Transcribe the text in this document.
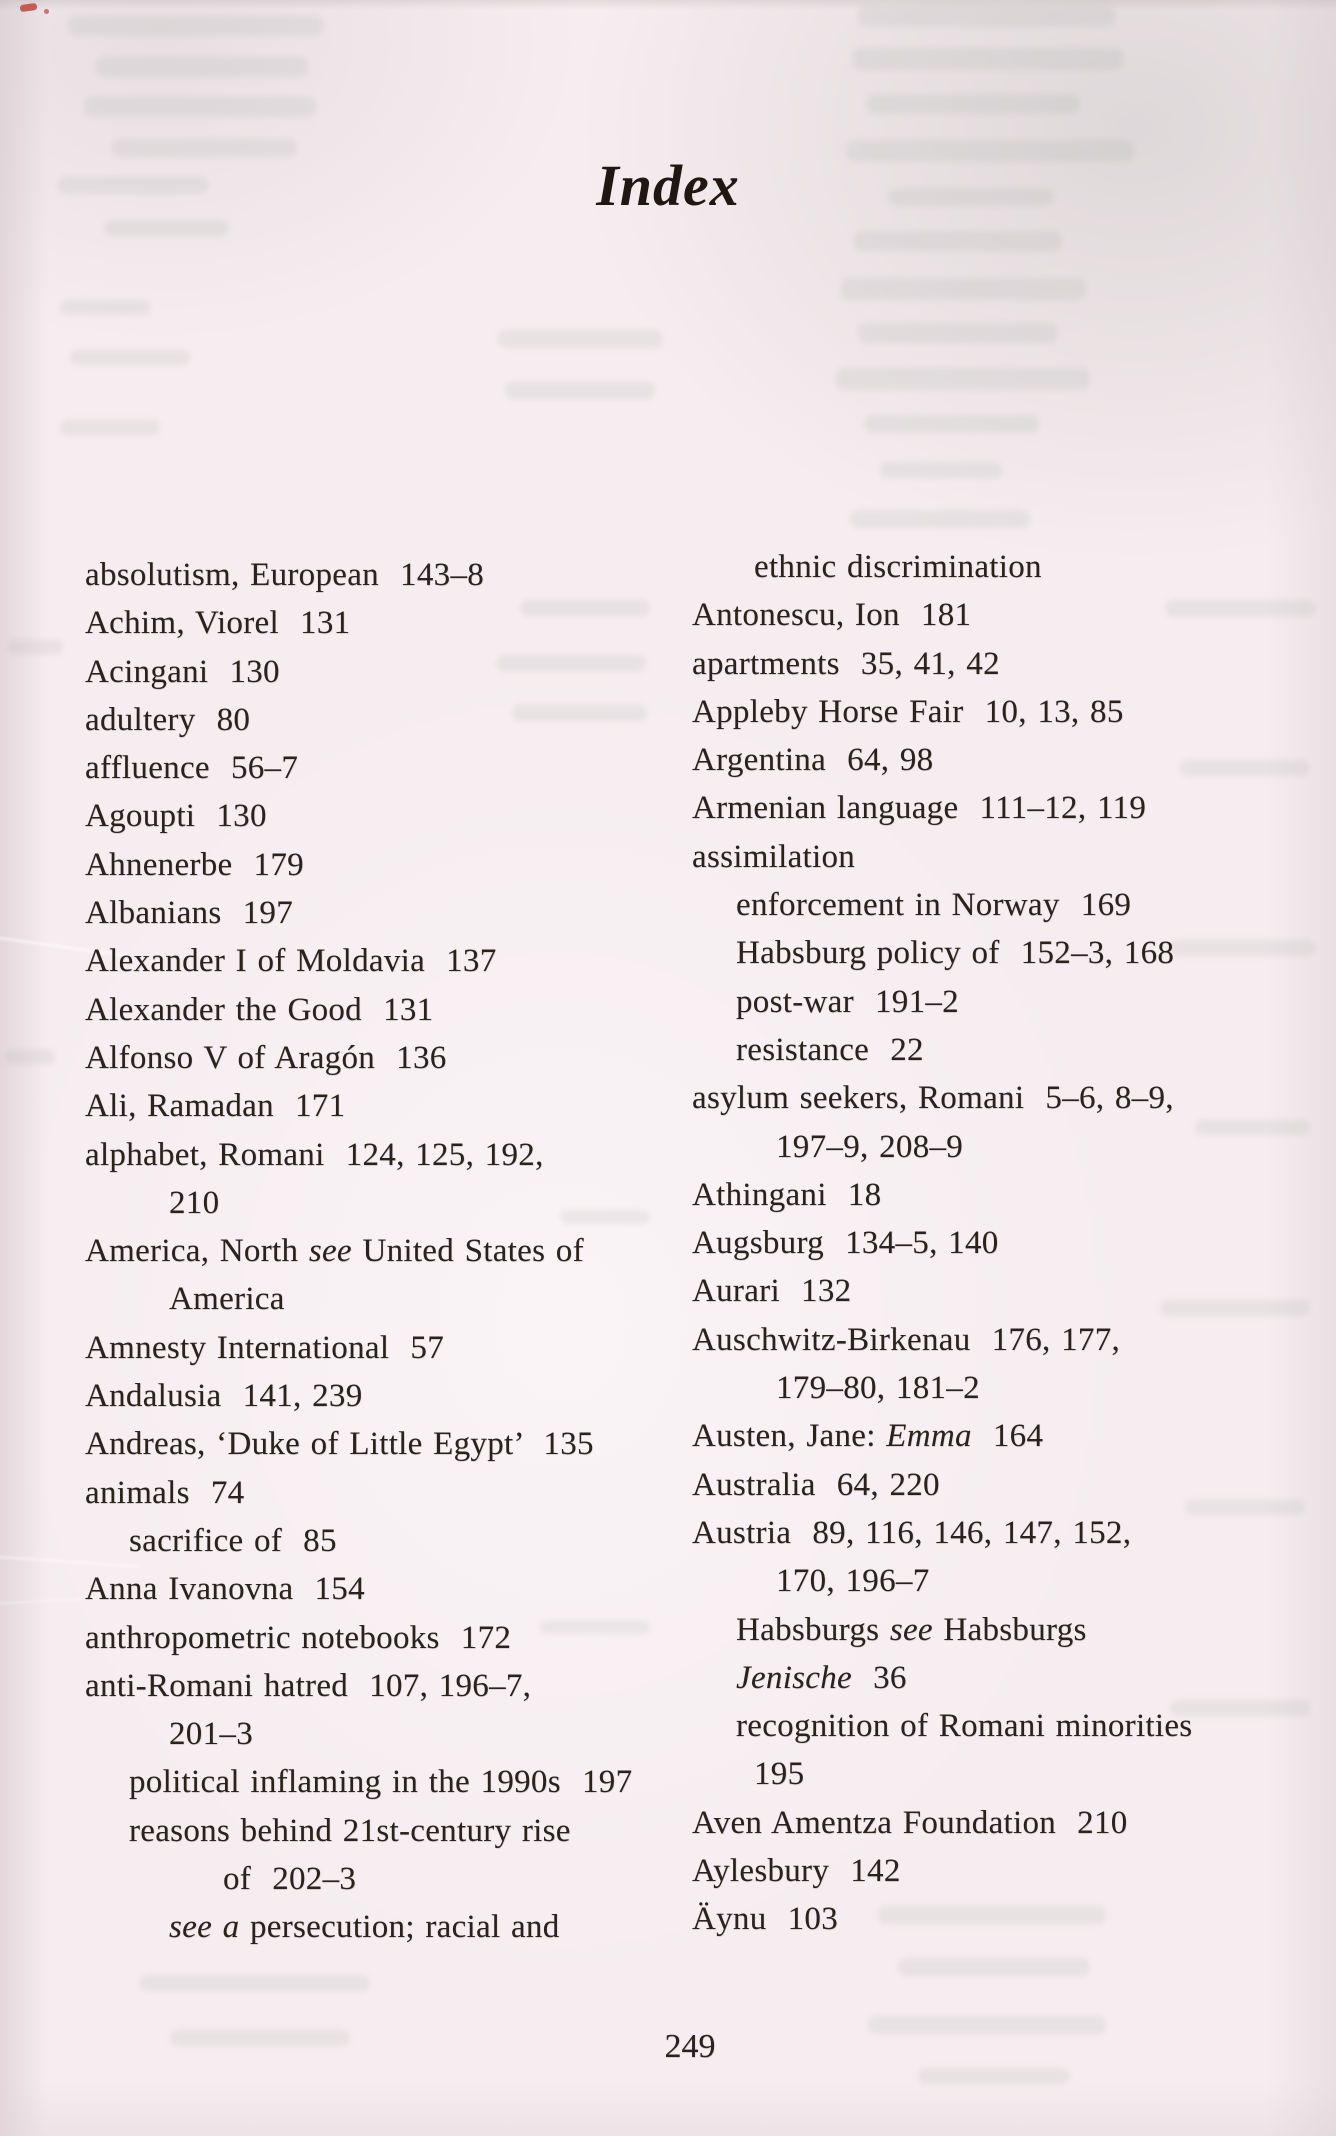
Index
absolutism, European  143–8
Achim, Viorel  131
Acingani  130
adultery  80
affluence  56–7
Agoupti  130
Ahnenerbe  179
Albanians  197
Alexander I of Moldavia  137
Alexander the Good  131
Alfonso V of Aragón  136
Ali, Ramadan  171
alphabet, Romani  124, 125, 192,
210
America, North see United States of
America
Amnesty International  57
Andalusia  141, 239
Andreas, ‘Duke of Little Egypt’  135
animals  74
sacrifice of  85
Anna Ivanovna  154
anthropometric notebooks  172
anti-Romani hatred  107, 196–7,
201–3
political inflaming in the 1990s  197
reasons behind 21st-century rise
of  202–3
see a persecution; racial and
ethnic discrimination
Antonescu, Ion  181
apartments  35, 41, 42
Appleby Horse Fair  10, 13, 85
Argentina  64, 98
Armenian language  111–12, 119
assimilation
enforcement in Norway  169
Habsburg policy of  152–3, 168
post-war  191–2
resistance  22
asylum seekers, Romani  5–6, 8–9,
197–9, 208–9
Athingani  18
Augsburg  134–5, 140
Aurari  132
Auschwitz-Birkenau  176, 177,
179–80, 181–2
Austen, Jane: Emma  164
Australia  64, 220
Austria  89, 116, 146, 147, 152,
170, 196–7
Habsburgs see Habsburgs
Jenische  36
recognition of Romani minorities
195
Aven Amentza Foundation  210
Aylesbury  142
Äynu  103
249
